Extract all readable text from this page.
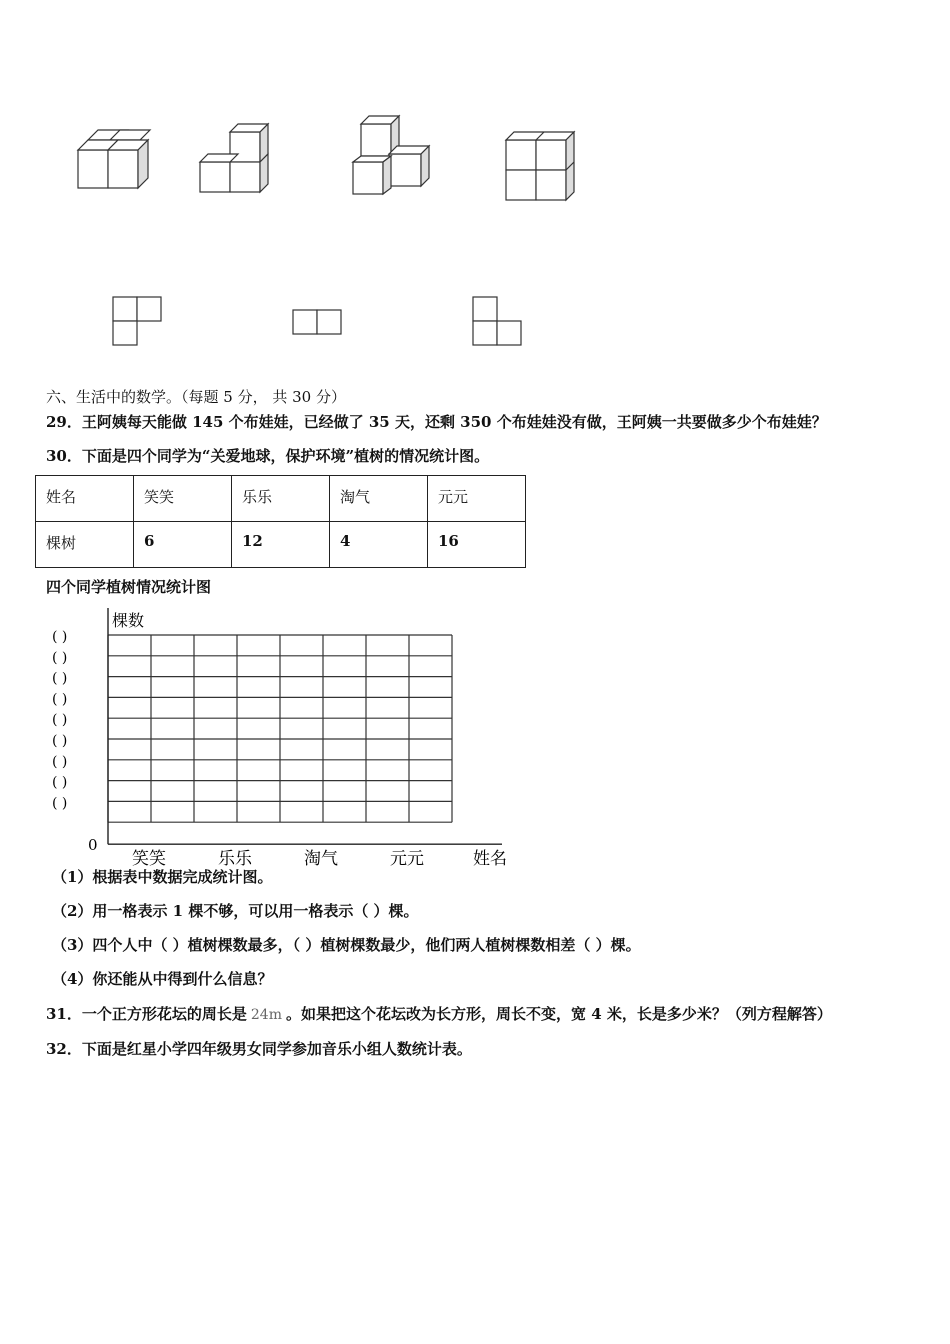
六、生活中的数学。（每题 5 分， 共 30 分）
29．王阿姨每天能做 145 个布娃娃，已经做了 35 天，还剩 350 个布娃娃没有做，王阿姨一共要做多少个布娃娃？
30．下面是四个同学为“关爱地球，保护环境”植树的情况统计图。
姓名	笑笑	乐乐	淘气	元元
棵树	6	12	4	16
四个同学植树情况统计图
棵数
( )
( )
( )
( )
( )
( )
( )
( )
( )
0
笑笑	乐乐	淘气	元元	姓名
（1）根据表中数据完成统计图。
（2）用一格表示 1 棵不够，可以用一格表示（ ）棵。
（3）四个人中（ ）植树棵数最多，（ ）植树棵数最少，他们两人植树棵数相差（ ）棵。
（4）你还能从中得到什么信息？
31．一个正方形花坛的周长是 24m 。如果把这个花坛改为长方形，周长不变，宽 4 米，长是多少米？（列方程解答）
32．下面是红星小学四年级男女同学参加音乐小组人数统计表。
